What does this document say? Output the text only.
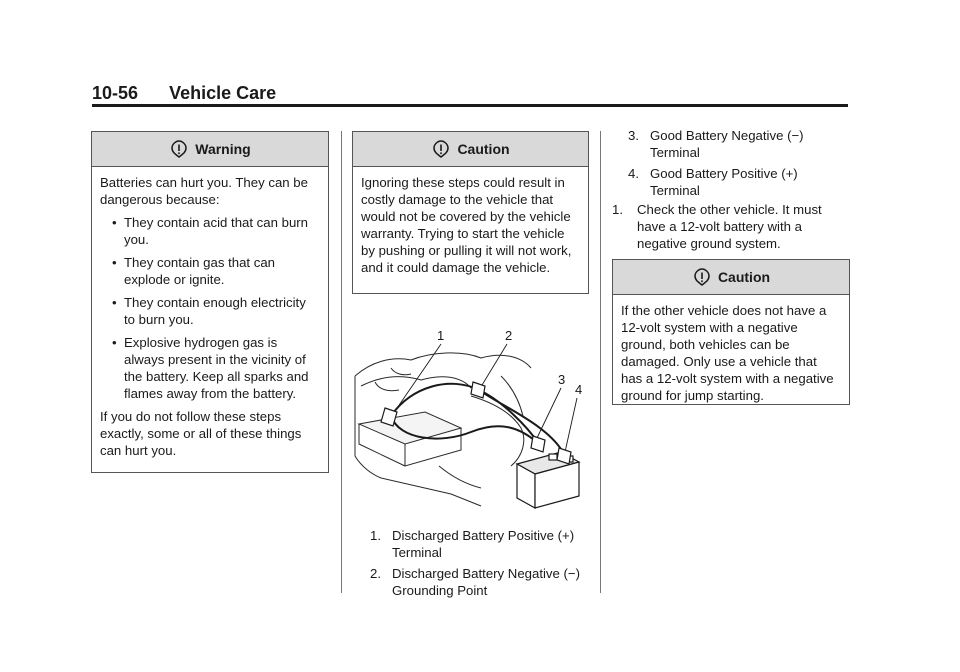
10-56 Vehicle Care
Warning

Batteries can hurt you. They can be dangerous because:

• They contain acid that can burn you.
• They contain gas that can explode or ignite.
• They contain enough electricity to burn you.
• Explosive hydrogen gas is always present in the vicinity of the battery. Keep all sparks and flames away from the battery.

If you do not follow these steps exactly, some or all of these things can hurt you.

Caution

Ignoring these steps could result in costly damage to the vehicle that would not be covered by the vehicle warranty. Trying to start the vehicle by pushing or pulling it will not work, and it could damage the vehicle.

1	2
3
4
1. Discharged Battery Positive (+) Terminal
2. Discharged Battery Negative (−) Grounding Point
3. Good Battery Negative (−) Terminal
4. Good Battery Positive (+) Terminal
1.	Check the other vehicle. It must have a 12-volt battery with a negative ground system.
Caution

If the other vehicle does not have a 12-volt system with a negative ground, both vehicles can be damaged. Only use a vehicle that has a 12-volt system with a negative ground for jump starting.
